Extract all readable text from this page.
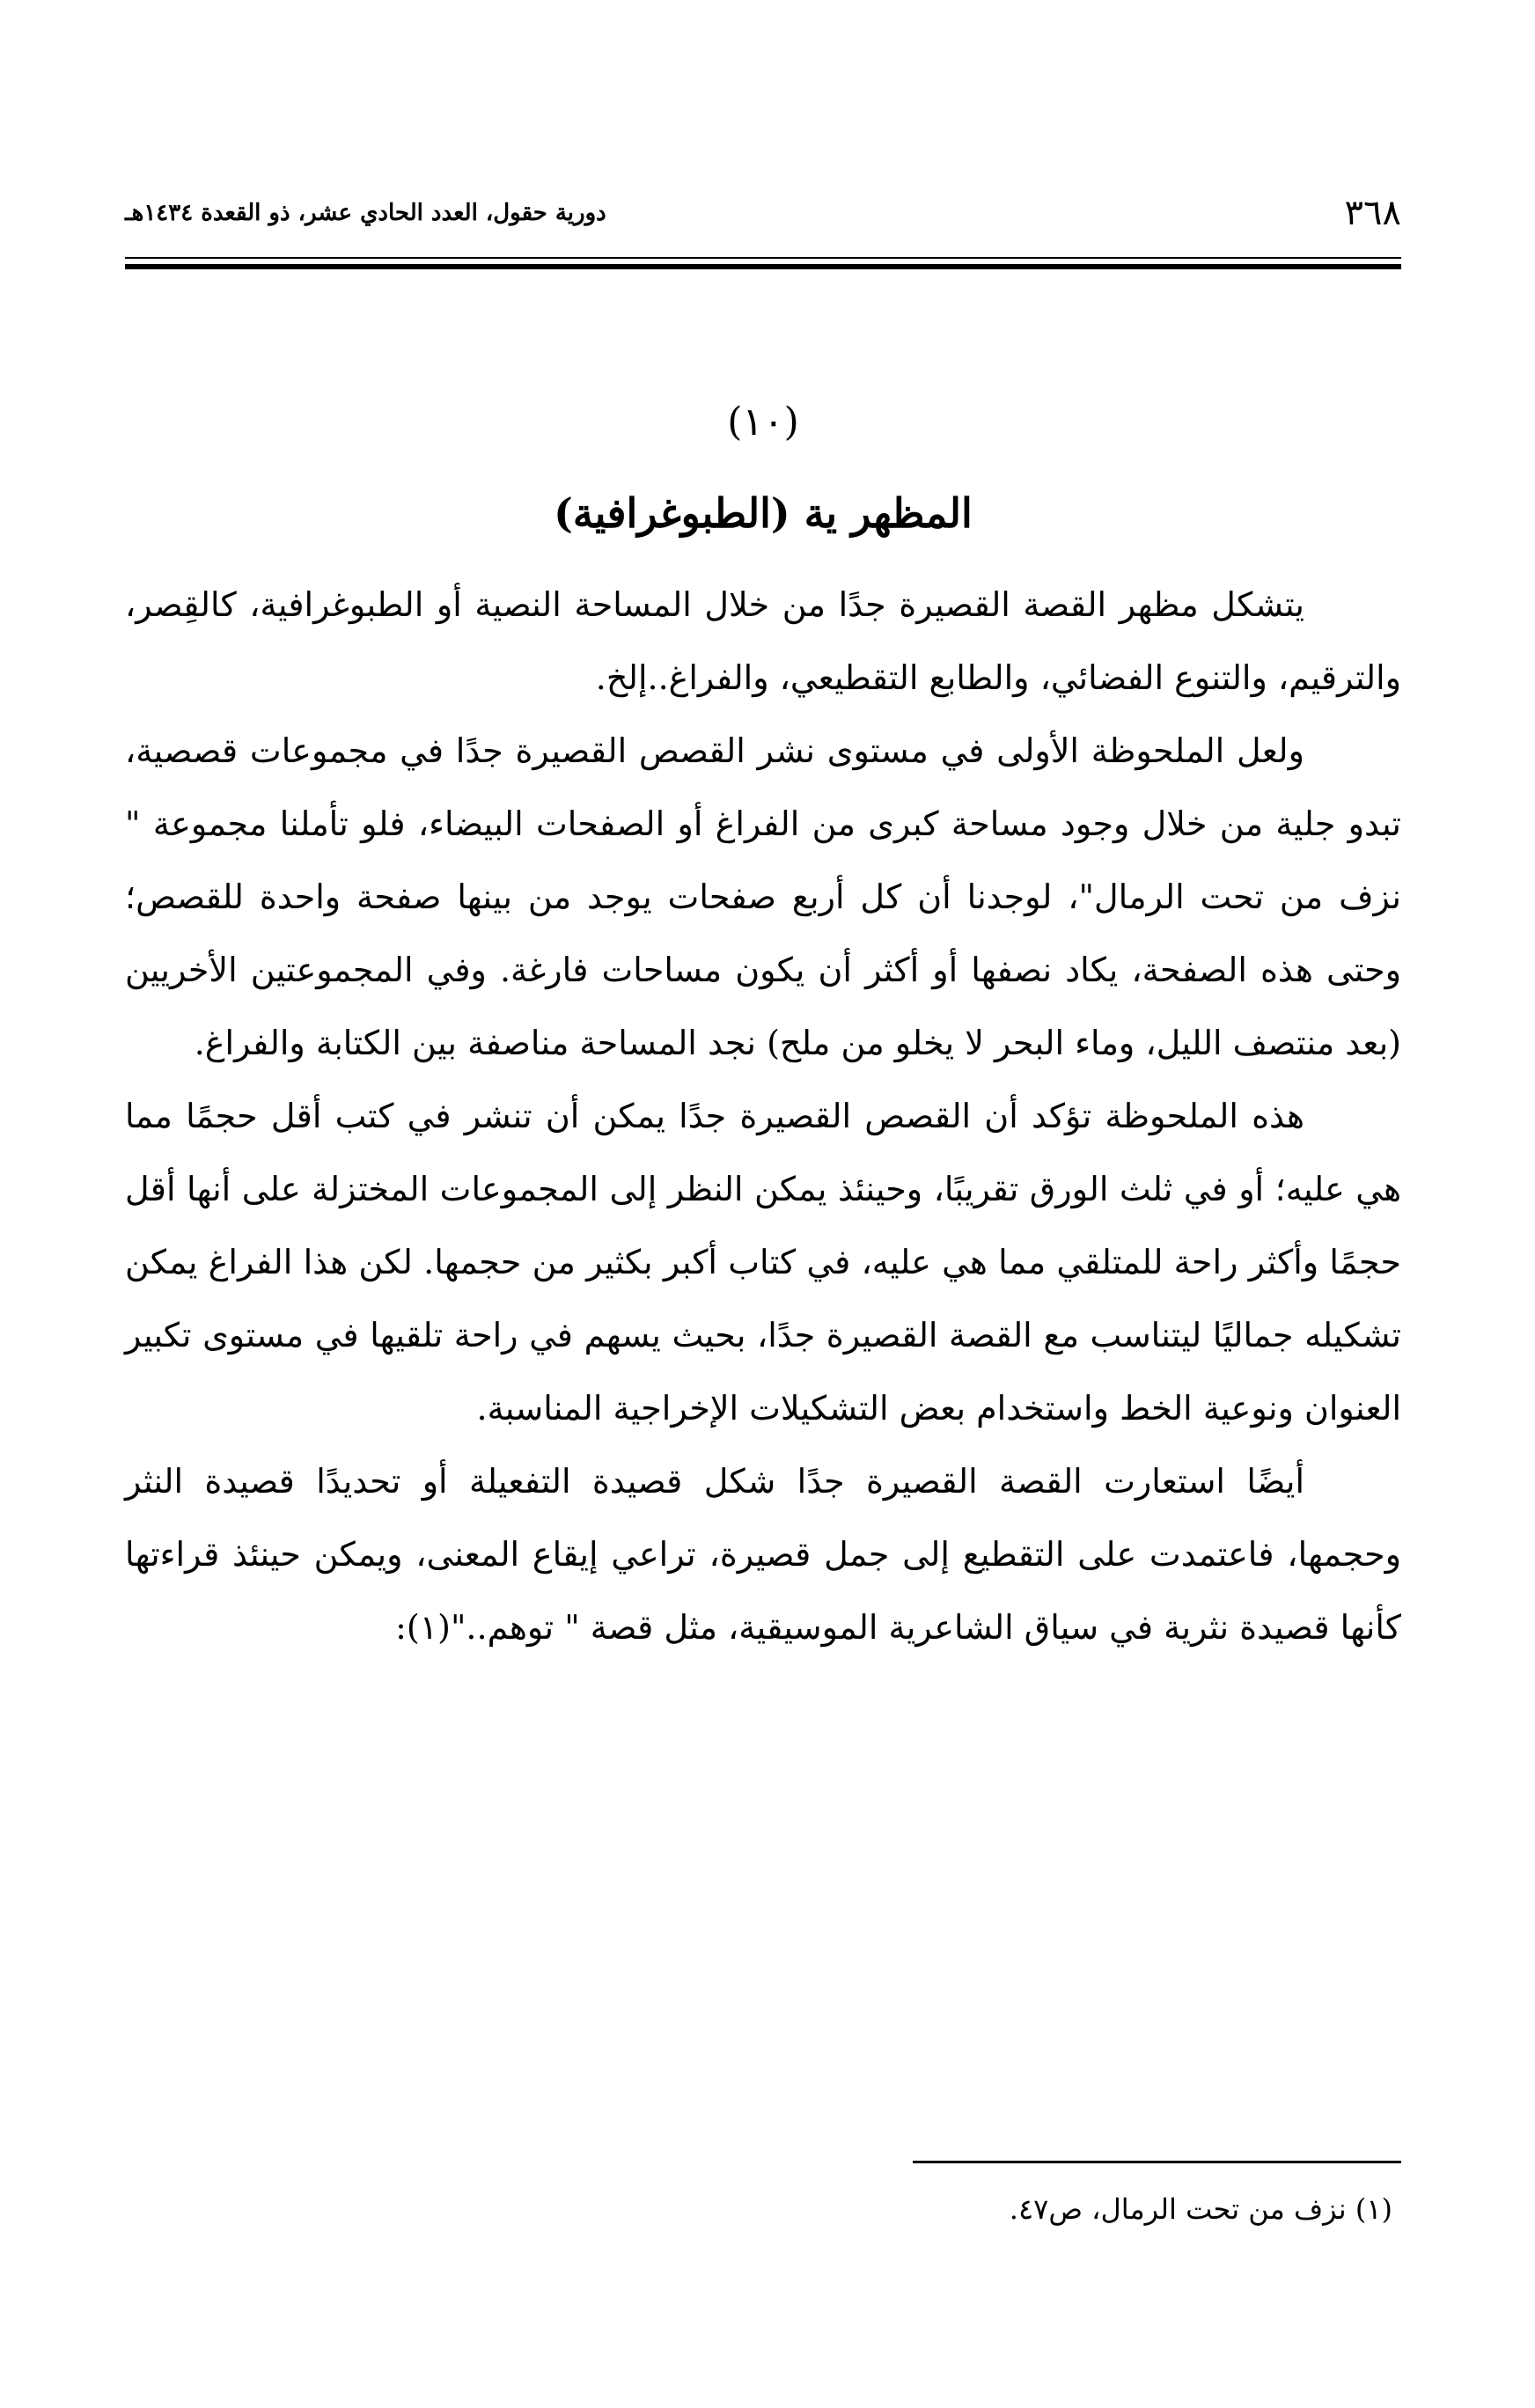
٣٦٨
دورية حقول، العدد الحادي عشر، ذو القعدة ١٤٣٤هـ
(١٠)
المظهر ية (الطبوغرافية)

يتشكل مظهر القصة القصيرة جدًا من خلال المساحة النصية أو الطبوغرافية، كالقِصر، والترقيم، والتنوع الفضائي، والطابع التقطيعي، والفراغ..إلخ.

ولعل الملحوظة الأولى في مستوى نشر القصص القصيرة جدًا في مجموعات قصصية، تبدو جلية من خلال وجود مساحة كبرى من الفراغ أو الصفحات البيضاء، فلو تأملنا مجموعة " نزف من تحت الرمال"، لوجدنا أن كل أربع صفحات يوجد من بينها صفحة واحدة للقصص؛ وحتى هذه الصفحة، يكاد نصفها أو أكثر أن يكون مساحات فارغة. وفي المجموعتين الأخريين (بعد منتصف الليل، وماء البحر لا يخلو من ملح) نجد المساحة مناصفة بين الكتابة والفراغ.

هذه الملحوظة تؤكد أن القصص القصيرة جدًا يمكن أن تنشر في كتب أقل حجمًا مما هي عليه؛ أو في ثلث الورق تقريبًا، وحينئذ يمكن النظر إلى المجموعات المختزلة على أنها أقل حجمًا وأكثر راحة للمتلقي مما هي عليه، في كتاب أكبر بكثير من حجمها. لكن هذا الفراغ يمكن تشكيله جماليًا ليتناسب مع القصة القصيرة جدًا، بحيث يسهم في راحة تلقيها في مستوى تكبير العنوان ونوعية الخط واستخدام بعض التشكيلات الإخراجية المناسبة.

أيضًا استعارت القصة القصيرة جدًا شكل قصيدة التفعيلة أو تحديدًا قصيدة النثر وحجمها، فاعتمدت على التقطيع إلى جمل قصيرة، تراعي إيقاع المعنى، ويمكن حينئذ قراءتها كأنها قصيدة نثرية في سياق الشاعرية الموسيقية، مثل قصة " توهم.."(١):

(١) نزف من تحت الرمال، ص٤٧.
